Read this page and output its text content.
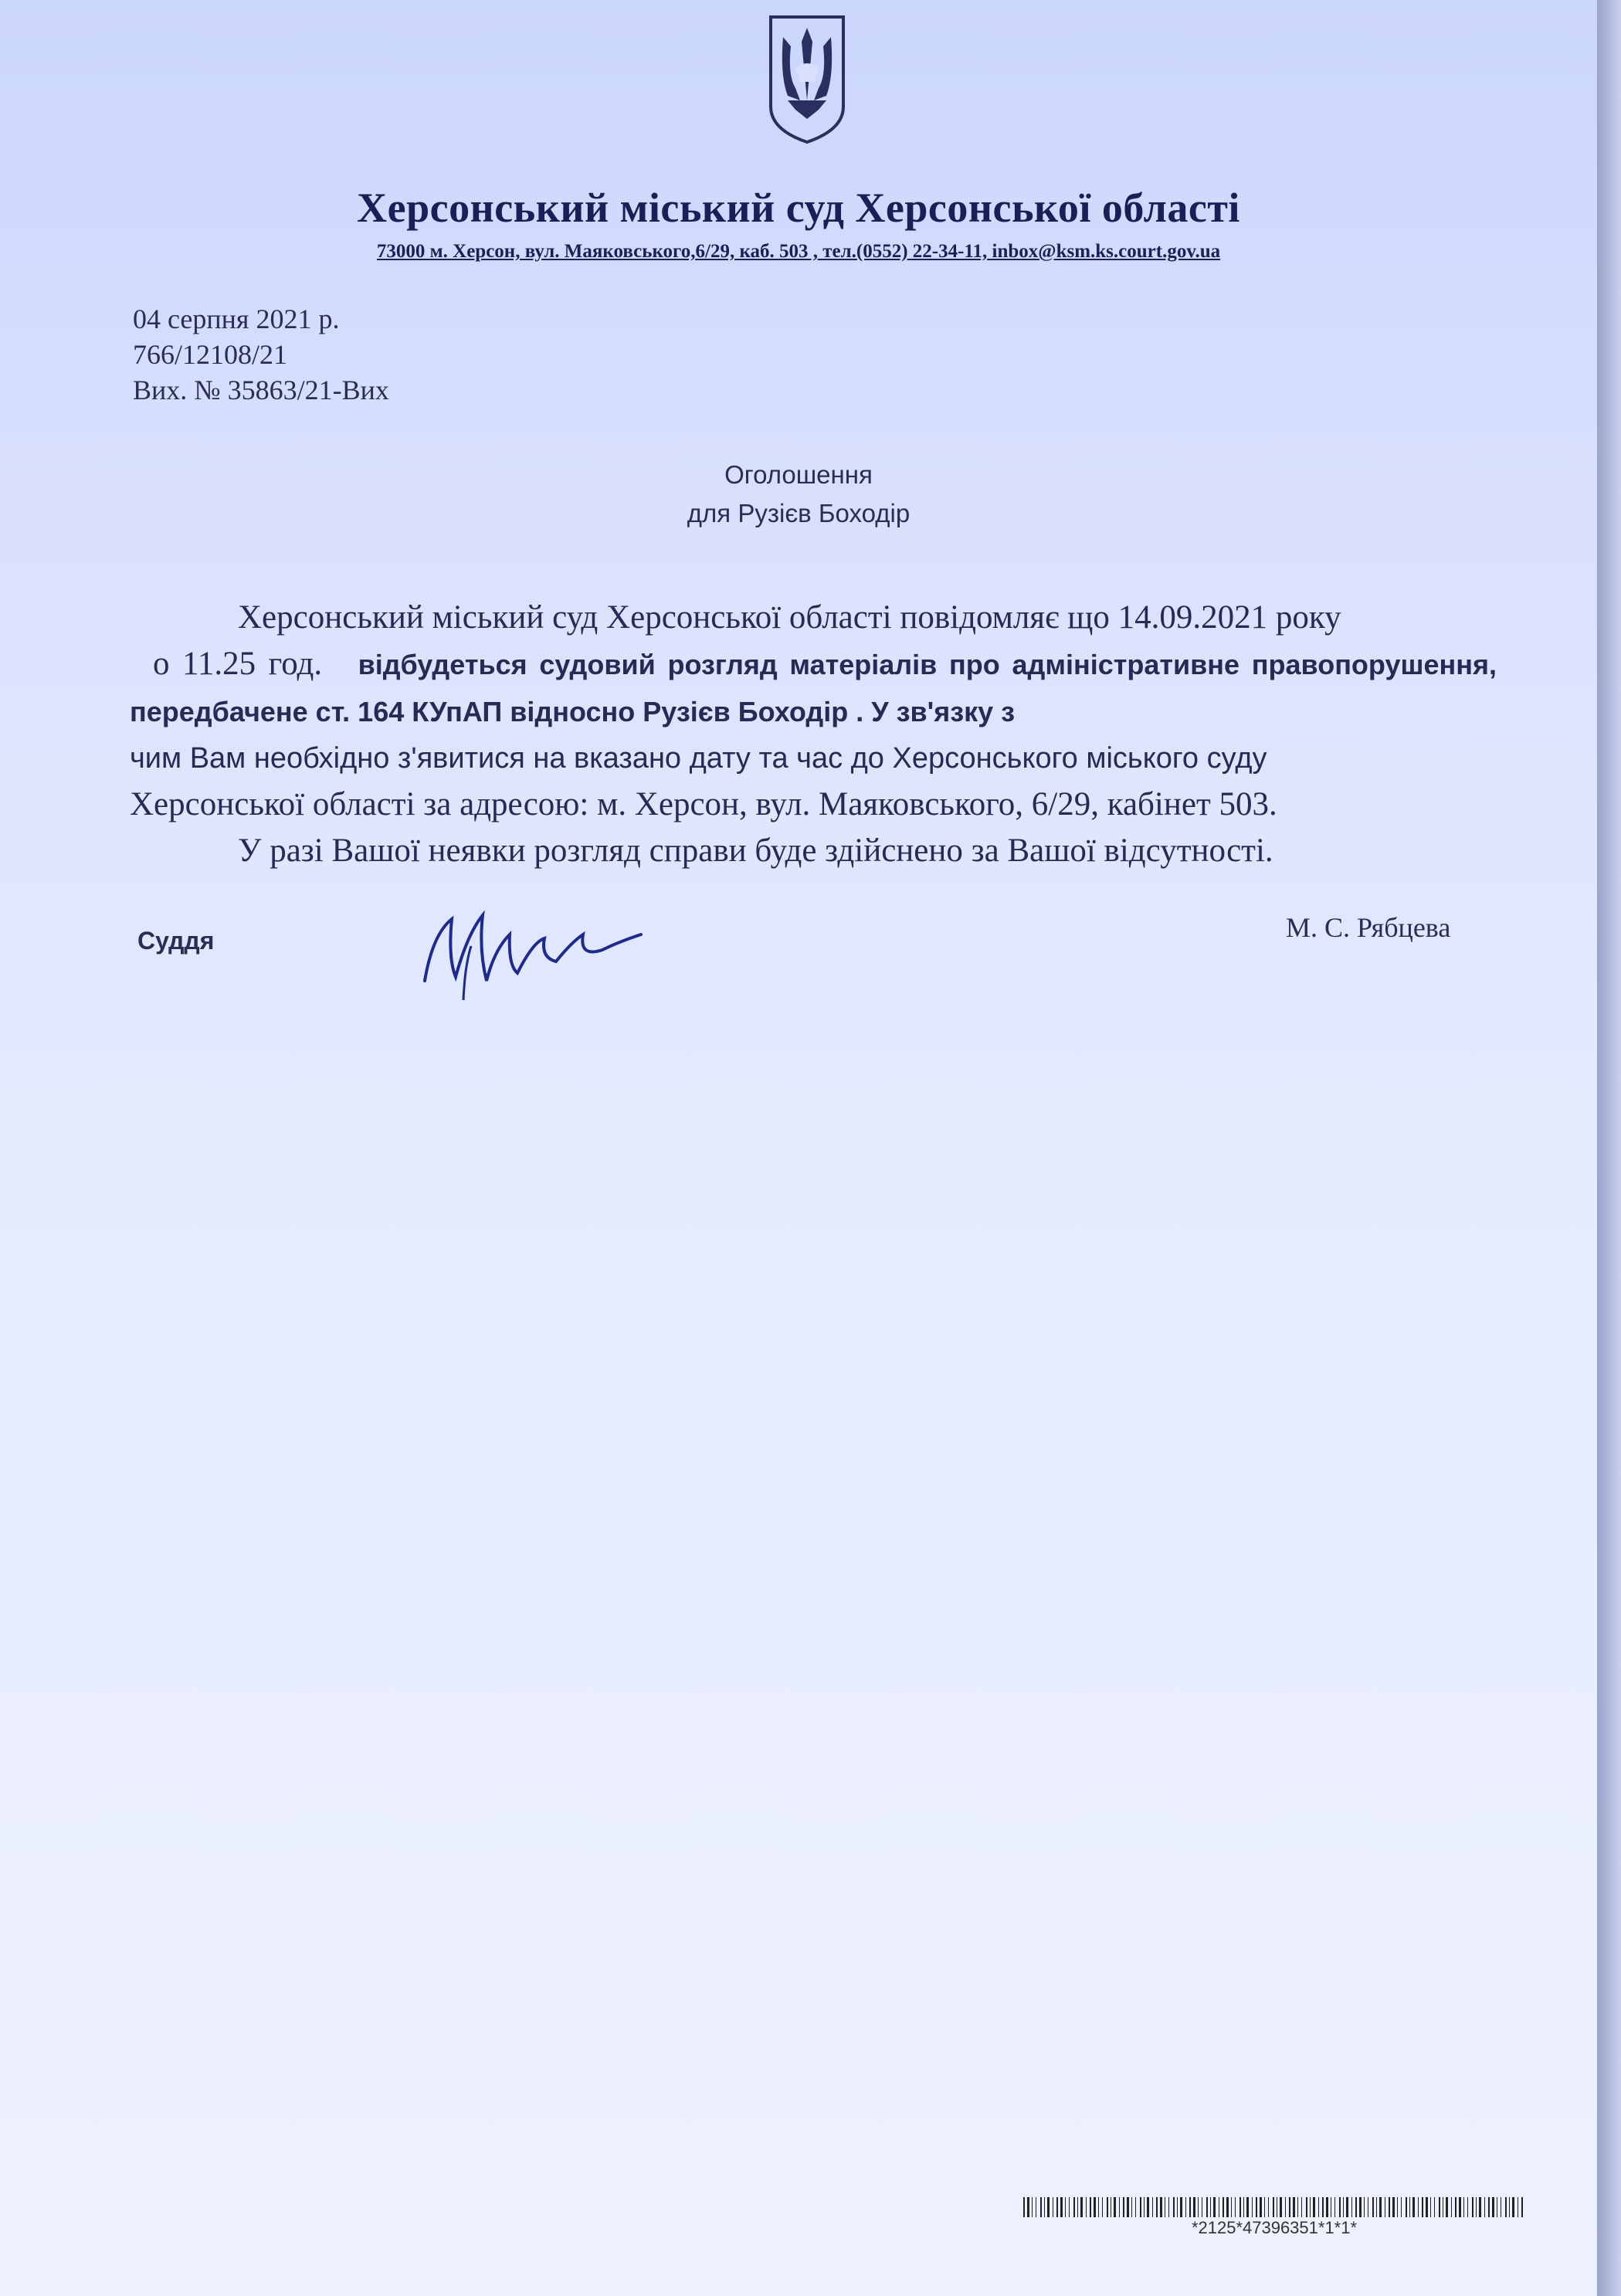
Херсонський міський суд Херсонської області
73000 м. Херсон, вул. Маяковського,6/29, каб. 503 , тел.(0552) 22-34-11, inbox@ksm.ks.court.gov.ua
04 серпня 2021 р.
766/12108/21
Вих. № 35863/21-Вих
Оголошення
для Рузієв Боходір

Херсонський міський суд Херсонської області повідомляє що 14.09.2021 року

о 11.25 год. відбудеться судовий розгляд матеріалів про адміністративне правопорушення, передбачене ст. 164 КУпАП відносно Рузієв Боходір . У зв'язку з

чим Вам необхідно з'явитися на вказано дату та час до Херсонського міського суду

Херсонської області за адресою: м. Херсон, вул. Маяковського, 6/29, кабінет 503.

У разі Вашої неявки розгляд справи буде здійснено за Вашої відсутності.

Суддя	М. С. Рябцева
*2125*47396351*1*1*
